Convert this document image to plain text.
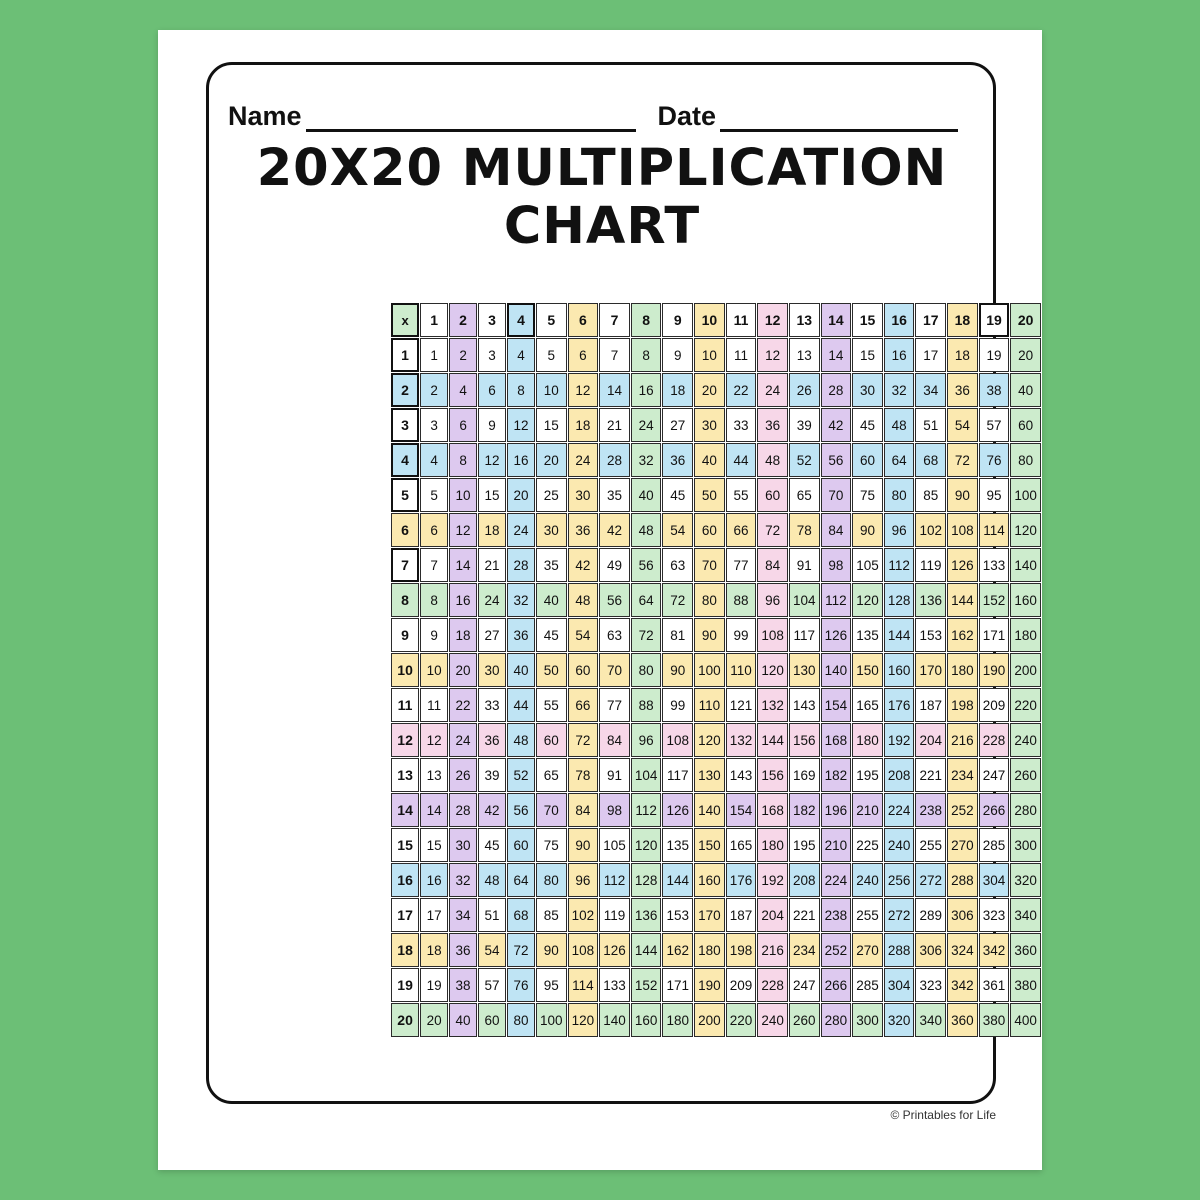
Name	Date
20X20 MULTIPLICATION CHART
x	1	2	3	4	5	6	7	8	9	10	11	12	13	14	15	16	17	18	19	20
1	1	2	3	4	5	6	7	8	9	10	11	12	13	14	15	16	17	18	19	20
2	2	4	6	8	10	12	14	16	18	20	22	24	26	28	30	32	34	36	38	40
3	3	6	9	12	15	18	21	24	27	30	33	36	39	42	45	48	51	54	57	60
4	4	8	12	16	20	24	28	32	36	40	44	48	52	56	60	64	68	72	76	80
5	5	10	15	20	25	30	35	40	45	50	55	60	65	70	75	80	85	90	95	100
6	6	12	18	24	30	36	42	48	54	60	66	72	78	84	90	96	102	108	114	120
7	7	14	21	28	35	42	49	56	63	70	77	84	91	98	105	112	119	126	133	140
8	8	16	24	32	40	48	56	64	72	80	88	96	104	112	120	128	136	144	152	160
9	9	18	27	36	45	54	63	72	81	90	99	108	117	126	135	144	153	162	171	180
10	10	20	30	40	50	60	70	80	90	100	110	120	130	140	150	160	170	180	190	200
11	11	22	33	44	55	66	77	88	99	110	121	132	143	154	165	176	187	198	209	220
12	12	24	36	48	60	72	84	96	108	120	132	144	156	168	180	192	204	216	228	240
13	13	26	39	52	65	78	91	104	117	130	143	156	169	182	195	208	221	234	247	260
14	14	28	42	56	70	84	98	112	126	140	154	168	182	196	210	224	238	252	266	280
15	15	30	45	60	75	90	105	120	135	150	165	180	195	210	225	240	255	270	285	300
16	16	32	48	64	80	96	112	128	144	160	176	192	208	224	240	256	272	288	304	320
17	17	34	51	68	85	102	119	136	153	170	187	204	221	238	255	272	289	306	323	340
18	18	36	54	72	90	108	126	144	162	180	198	216	234	252	270	288	306	324	342	360
19	19	38	57	76	95	114	133	152	171	190	209	228	247	266	285	304	323	342	361	380
20	20	40	60	80	100	120	140	160	180	200	220	240	260	280	300	320	340	360	380	400
© Printables for Life
